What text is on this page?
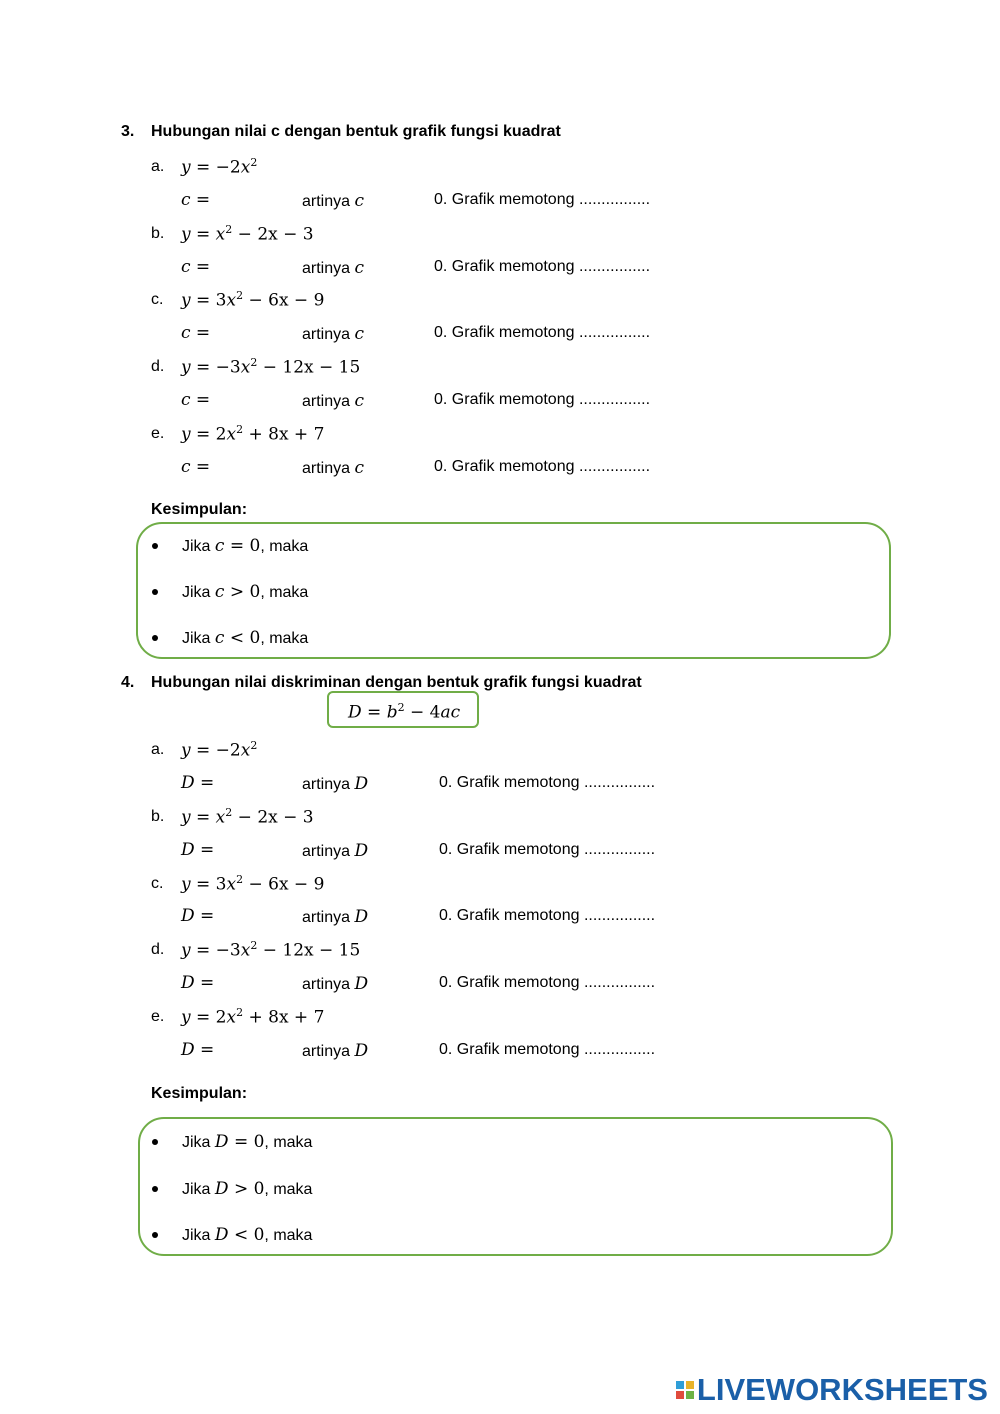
3. Hubungan nilai c dengan bentuk grafik fungsi kuadrat
a. $y = -2x^2$
c =	artinya c	0. Grafik memotong ................
b. $y = x^2 - 2x - 3$
c =	artinya c	0. Grafik memotong ................
c. $y = 3x^2 - 6x - 9$
c =	artinya c	0. Grafik memotong ................
d. $y = -3x^2 - 12x - 15$
c =	artinya c	0. Grafik memotong ................
e. $y = 2x^2 + 8x + 7$
c =	artinya c	0. Grafik memotong ................
Kesimpulan:
Jika c = 0, maka
Jika c > 0, maka
Jika c < 0, maka
4. Hubungan nilai diskriminan dengan bentuk grafik fungsi kuadrat
$D = b^2 - 4ac$
a. $y = -2x^2$
D =	artinya D	0. Grafik memotong ................
b. $y = x^2 - 2x - 3$
D =	artinya D	0. Grafik memotong ................
c. $y = 3x^2 - 6x - 9$
D =	artinya D	0. Grafik memotong ................
d. $y = -3x^2 - 12x - 15$
D =	artinya D	0. Grafik memotong ................
e. $y = 2x^2 + 8x + 7$
D =	artinya D	0. Grafik memotong ................
Kesimpulan:
Jika D = 0, maka
Jika D > 0, maka
Jika D < 0, maka
LIVEWORKSHEETS
